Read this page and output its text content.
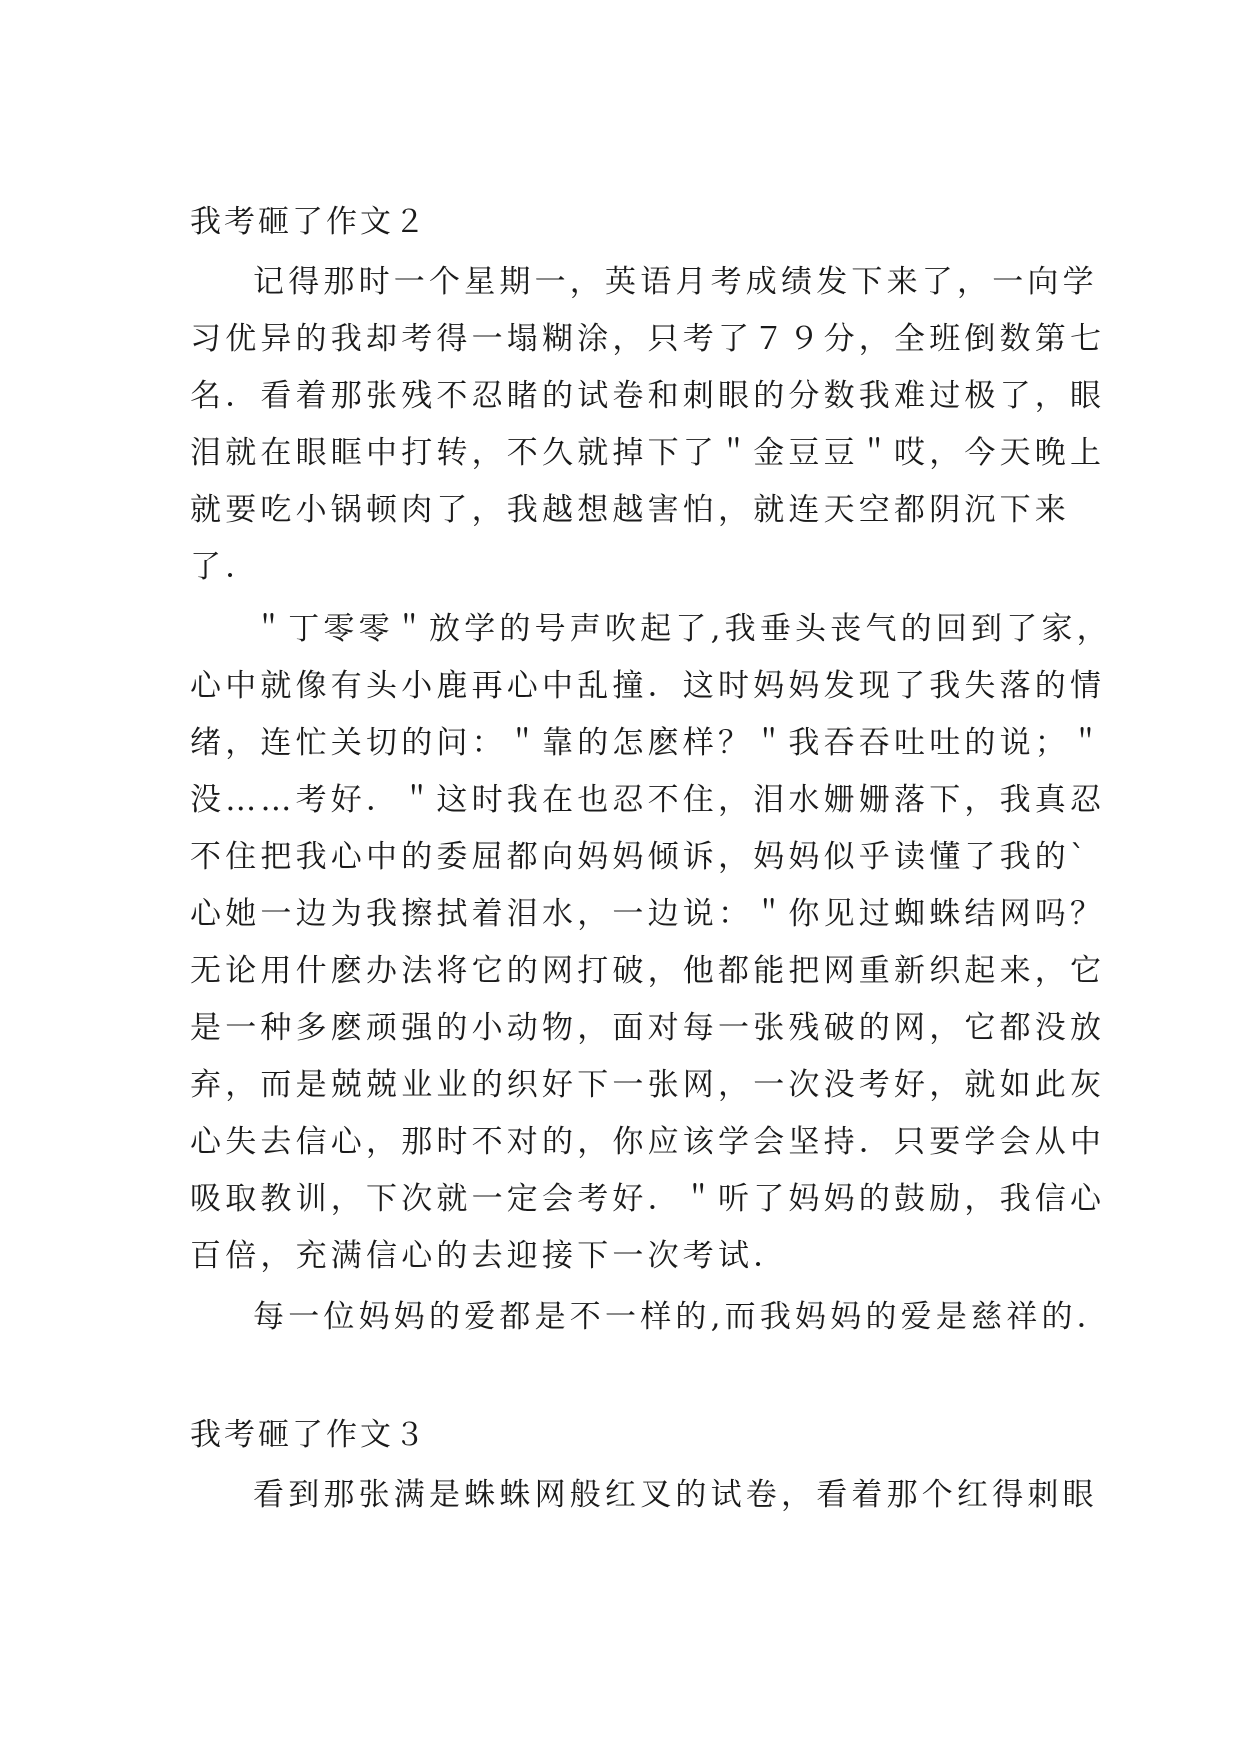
我考砸了作文２
记得那时一个星期一，英语月考成绩发下来了，一向学
习优异的我却考得一塌糊涂，只考了７９分，全班倒数第七
名．看着那张残不忍睹的试卷和刺眼的分数我难过极了，眼
泪就在眼眶中打转，不久就掉下了＂金豆豆＂哎，今天晚上
就要吃小锅顿肉了，我越想越害怕，就连天空都阴沉下来
了．
＂丁零零＂放学的号声吹起了,我垂头丧气的回到了家，
心中就像有头小鹿再心中乱撞．这时妈妈发现了我失落的情
绪，连忙关切的问：＂靠的怎麽样？＂我吞吞吐吐的说；＂
没……考好．＂这时我在也忍不住，泪水姗姗落下，我真忍
不住把我心中的委屈都向妈妈倾诉，妈妈似乎读懂了我的`
心她一边为我擦拭着泪水，一边说：＂你见过蜘蛛结网吗？
无论用什麽办法将它的网打破，他都能把网重新织起来，它
是一种多麽顽强的小动物，面对每一张残破的网，它都没放
弃，而是兢兢业业的织好下一张网，一次没考好，就如此灰
心失去信心，那时不对的，你应该学会坚持．只要学会从中
吸取教训，下次就一定会考好．＂听了妈妈的鼓励，我信心
百倍，充满信心的去迎接下一次考试．
每一位妈妈的爱都是不一样的,而我妈妈的爱是慈祥的．
我考砸了作文３
看到那张满是蛛蛛网般红叉的试卷，看着那个红得刺眼
